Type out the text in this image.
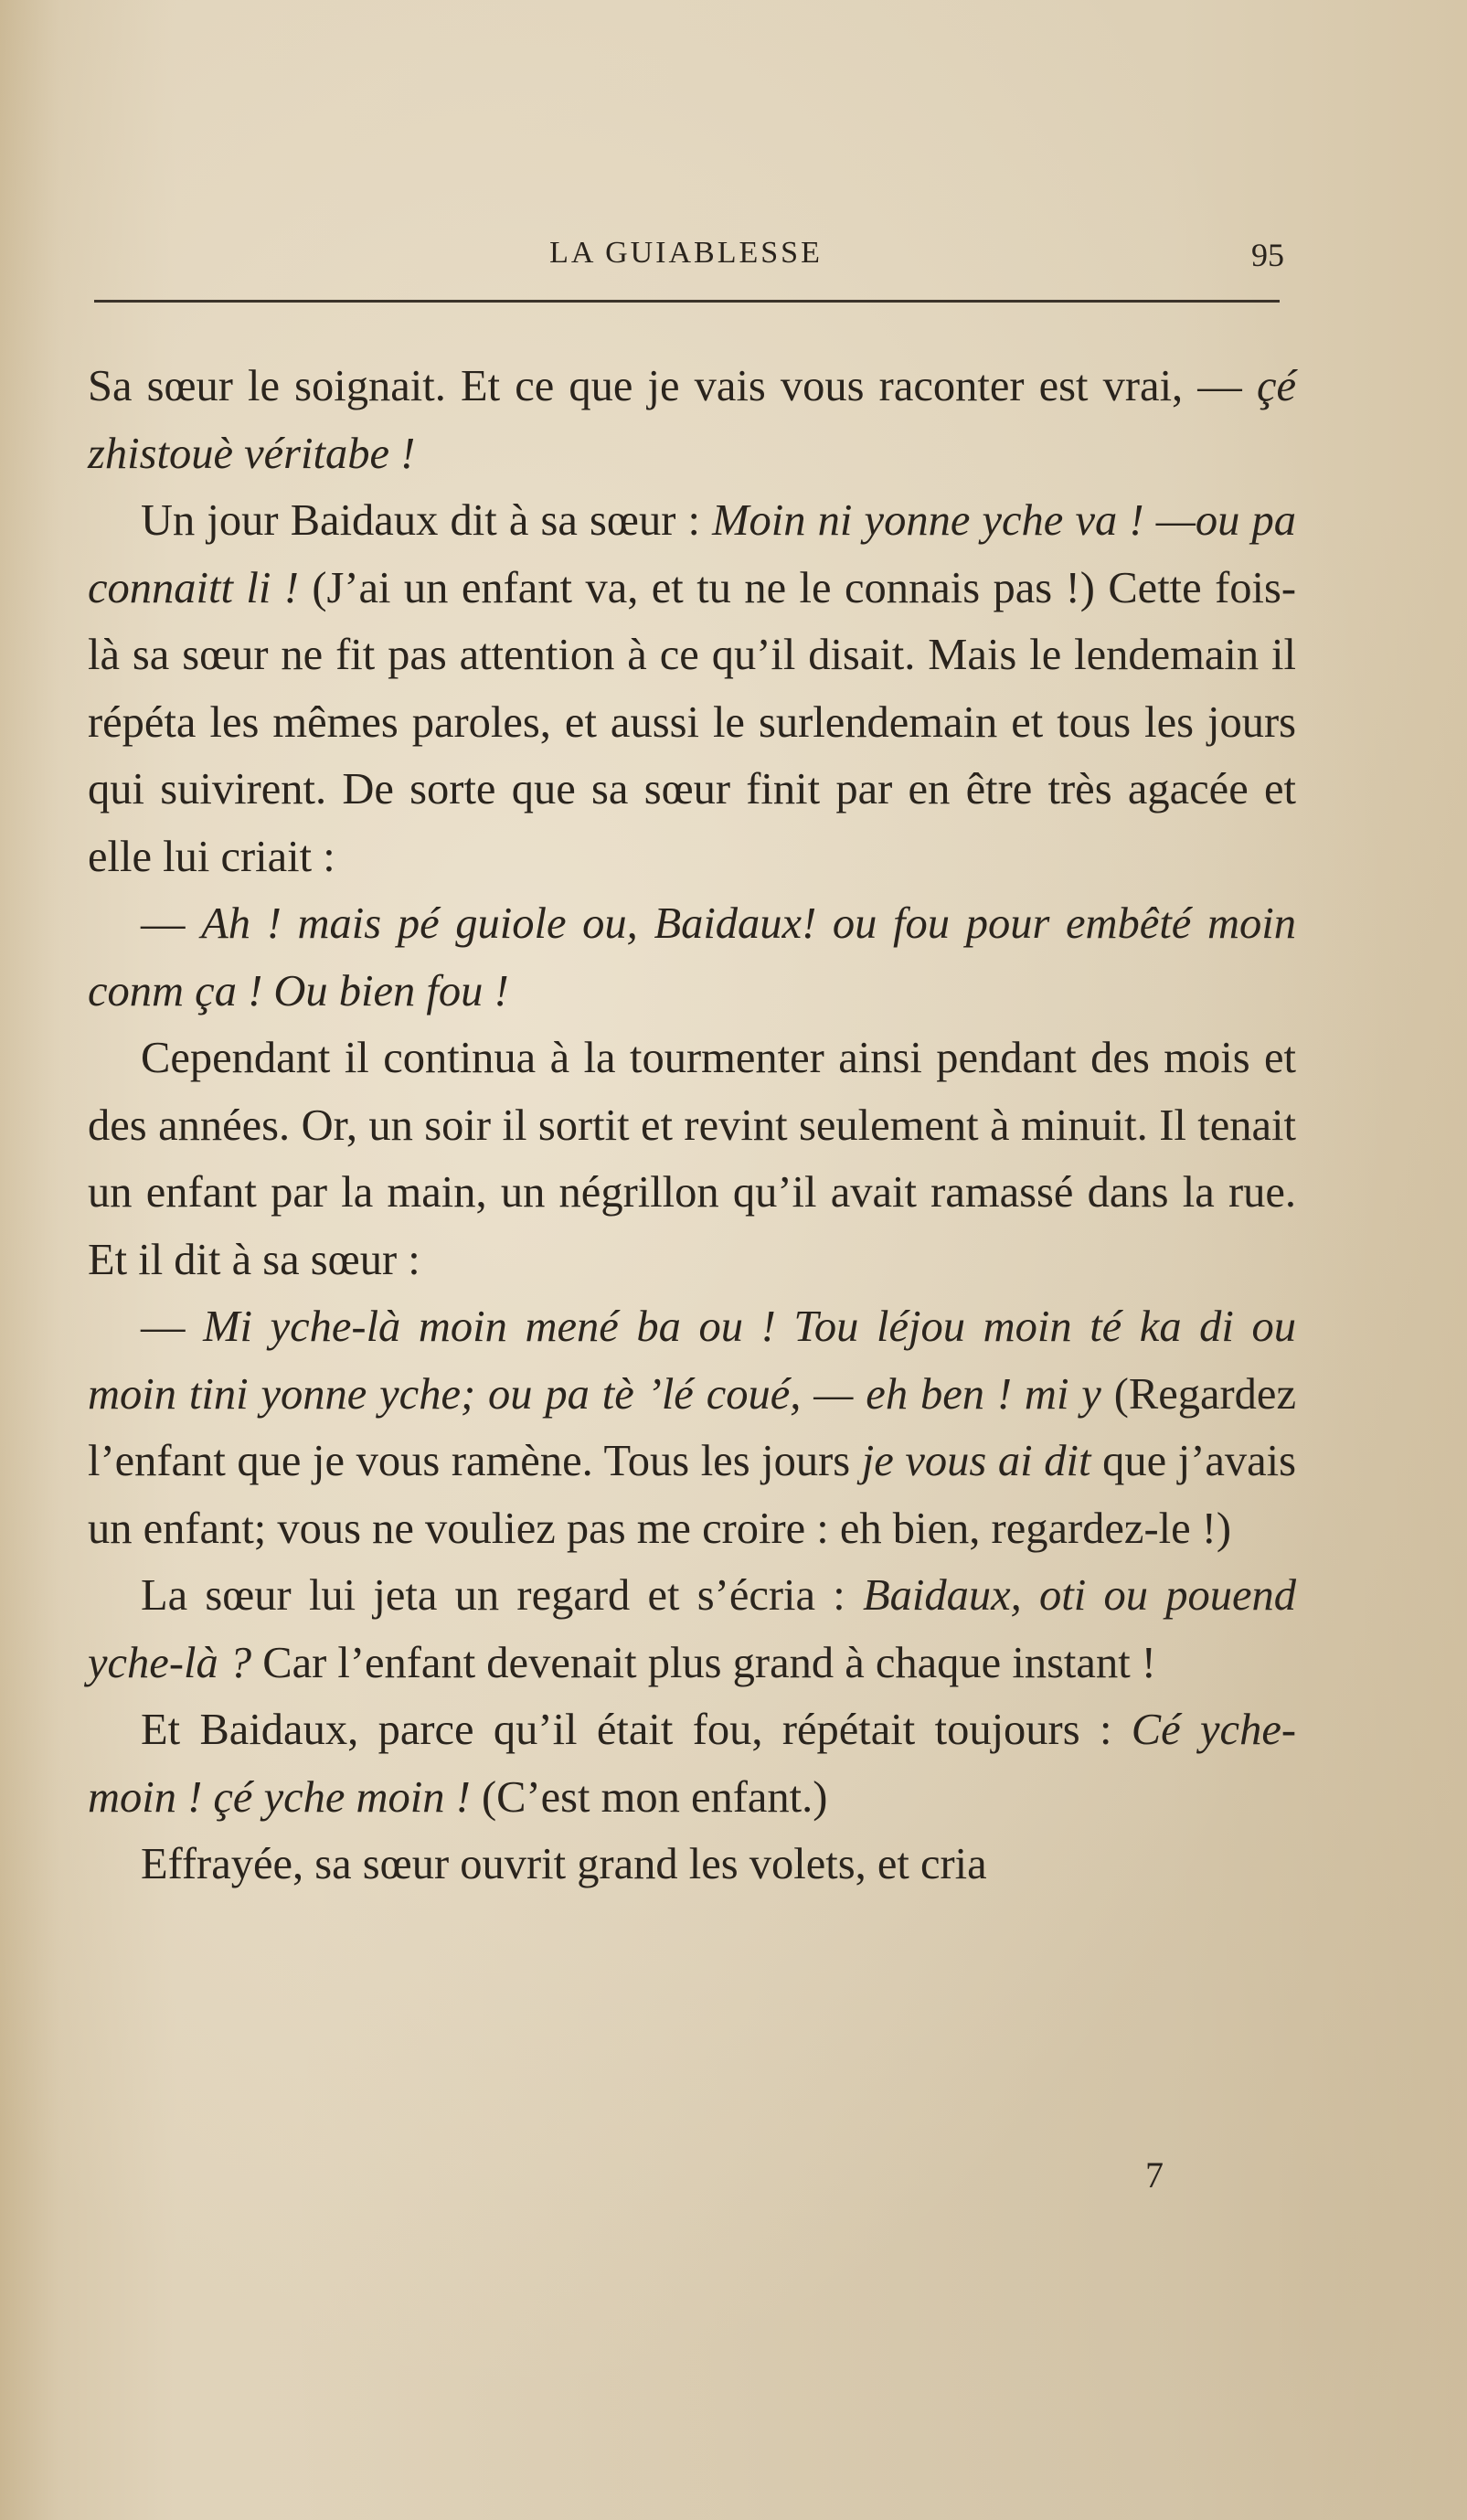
LA GUIABLESSE	95

Sa sœur le soignait. Et ce que je vais vous raconter est vrai, — çé zhistouè véritabe !

Un jour Baidaux dit à sa sœur : Moin ni yonne yche va ! —ou pa connaitt li ! (J’ai un enfant va, et tu ne le connais pas !) Cette fois-là sa sœur ne fit pas attention à ce qu’il disait. Mais le lendemain il répéta les mêmes paroles, et aussi le surlendemain et tous les jours qui suivirent. De sorte que sa sœur finit par en être très agacée et elle lui criait :

— Ah ! mais pé guiole ou, Baidaux! ou fou pour embêté moin conm ça ! Ou bien fou !

Cependant il continua à la tourmenter ainsi pendant des mois et des années. Or, un soir il sortit et revint seulement à minuit. Il tenait un enfant par la main, un négrillon qu’il avait ramassé dans la rue. Et il dit à sa sœur :

— Mi yche-là moin mené ba ou ! Tou léjou moin té ka di ou moin tini yonne yche; ou pa tè ’lé coué, — eh ben ! mi y (Regardez l’enfant que je vous ramène. Tous les jours je vous ai dit que j’avais un enfant; vous ne vouliez pas me croire : eh bien, regardez-le !)

La sœur lui jeta un regard et s’écria : Baidaux, oti ou pouend yche-là ? Car l’enfant devenait plus grand à chaque instant !

Et Baidaux, parce qu’il était fou, répétait toujours : Cé yche-moin ! çé yche moin ! (C’est mon enfant.)

Effrayée, sa sœur ouvrit grand les volets, et cria

7
